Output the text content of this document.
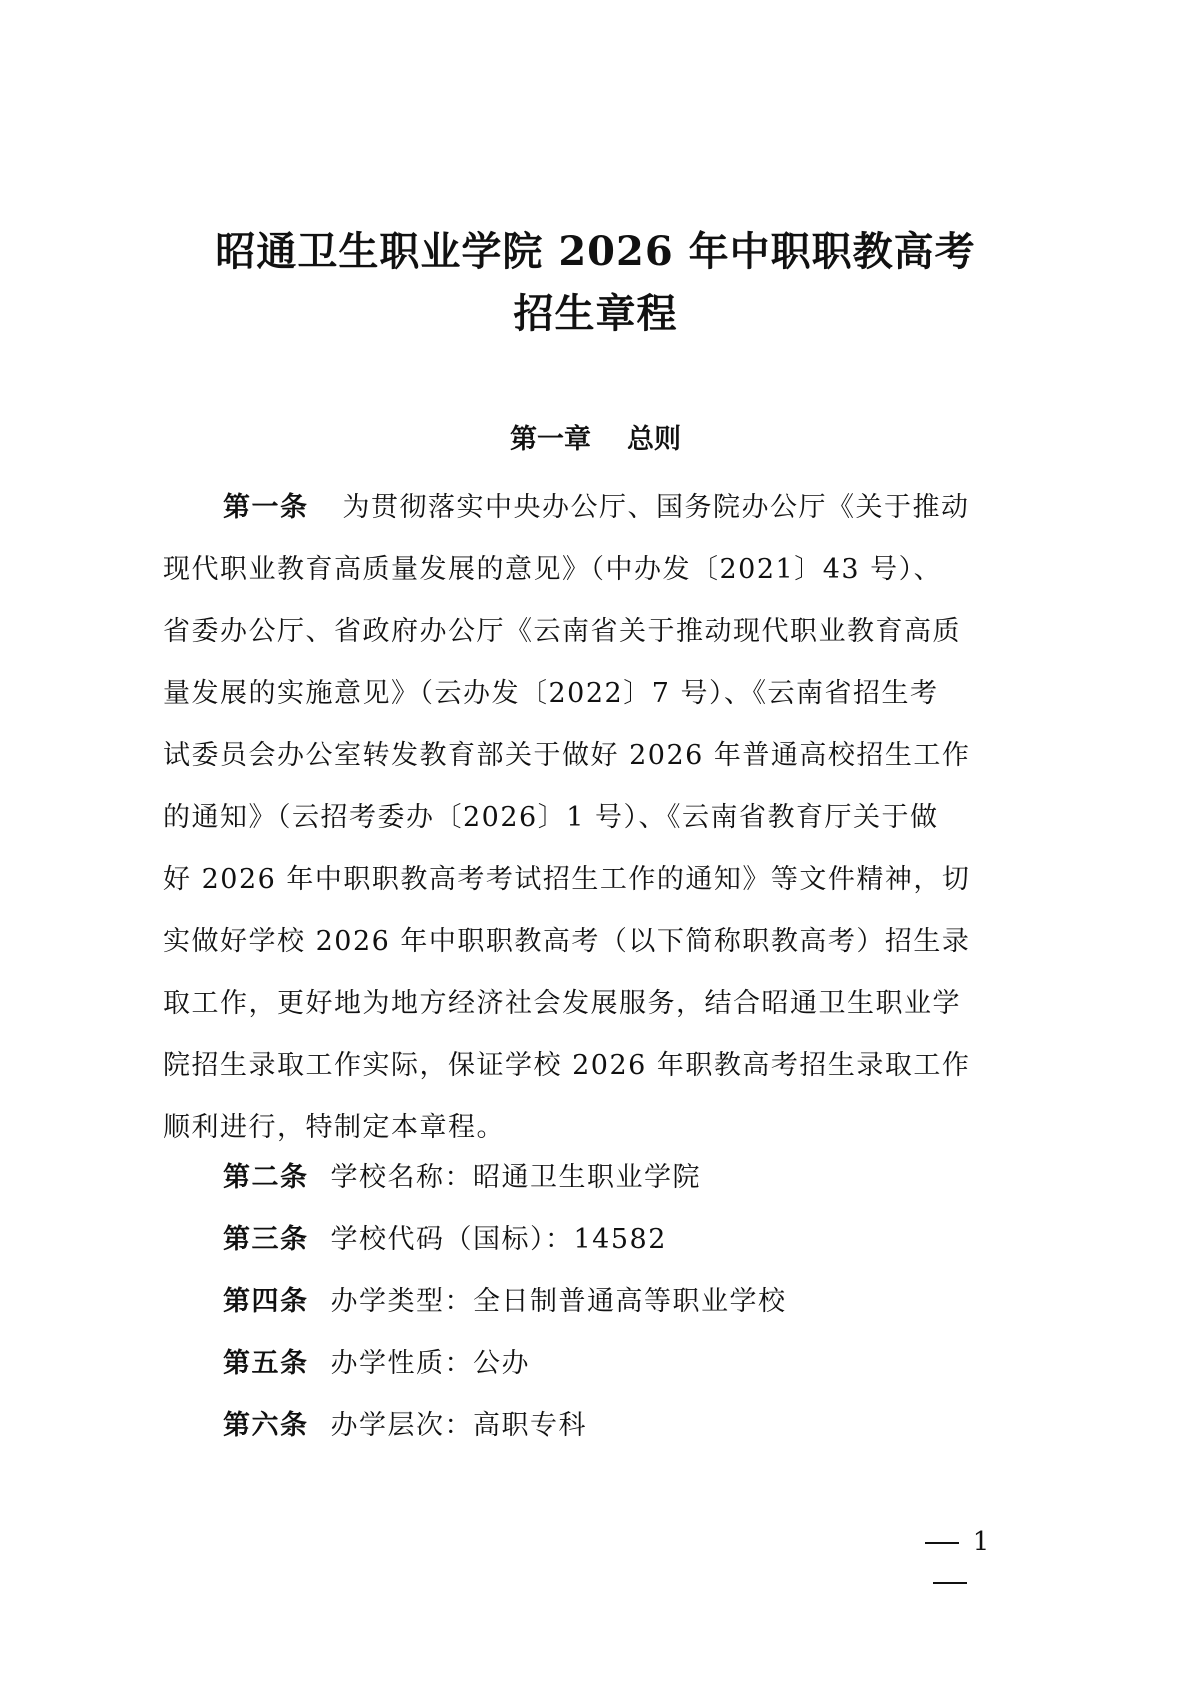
昭通卫生职业学院 2026 年中职职教高考
招生章程
第一章 总则
第一条 为贯彻落实中央办公厅、国务院办公厅《关于推动
现代职业教育高质量发展的意见》（中办发〔2021〕43 号）、
省委办公厅、省政府办公厅《云南省关于推动现代职业教育高质
量发展的实施意见》（云办发〔2022〕7 号）、《云南省招生考
试委员会办公室转发教育部关于做好 2026 年普通高校招生工作
的通知》（云招考委办〔2026〕1 号）、《云南省教育厅关于做
好 2026 年中职职教高考考试招生工作的通知》等文件精神，切
实做好学校 2026 年中职职教高考（以下简称职教高考）招生录
取工作，更好地为地方经济社会发展服务，结合昭通卫生职业学
院招生录取工作实际，保证学校 2026 年职教高考招生录取工作
顺利进行，特制定本章程。
第二条 学校名称：昭通卫生职业学院
第三条 学校代码（国标）：14582
第四条 办学类型：全日制普通高等职业学校
第五条 办学性质：公办
第六条 办学层次：高职专科
1
